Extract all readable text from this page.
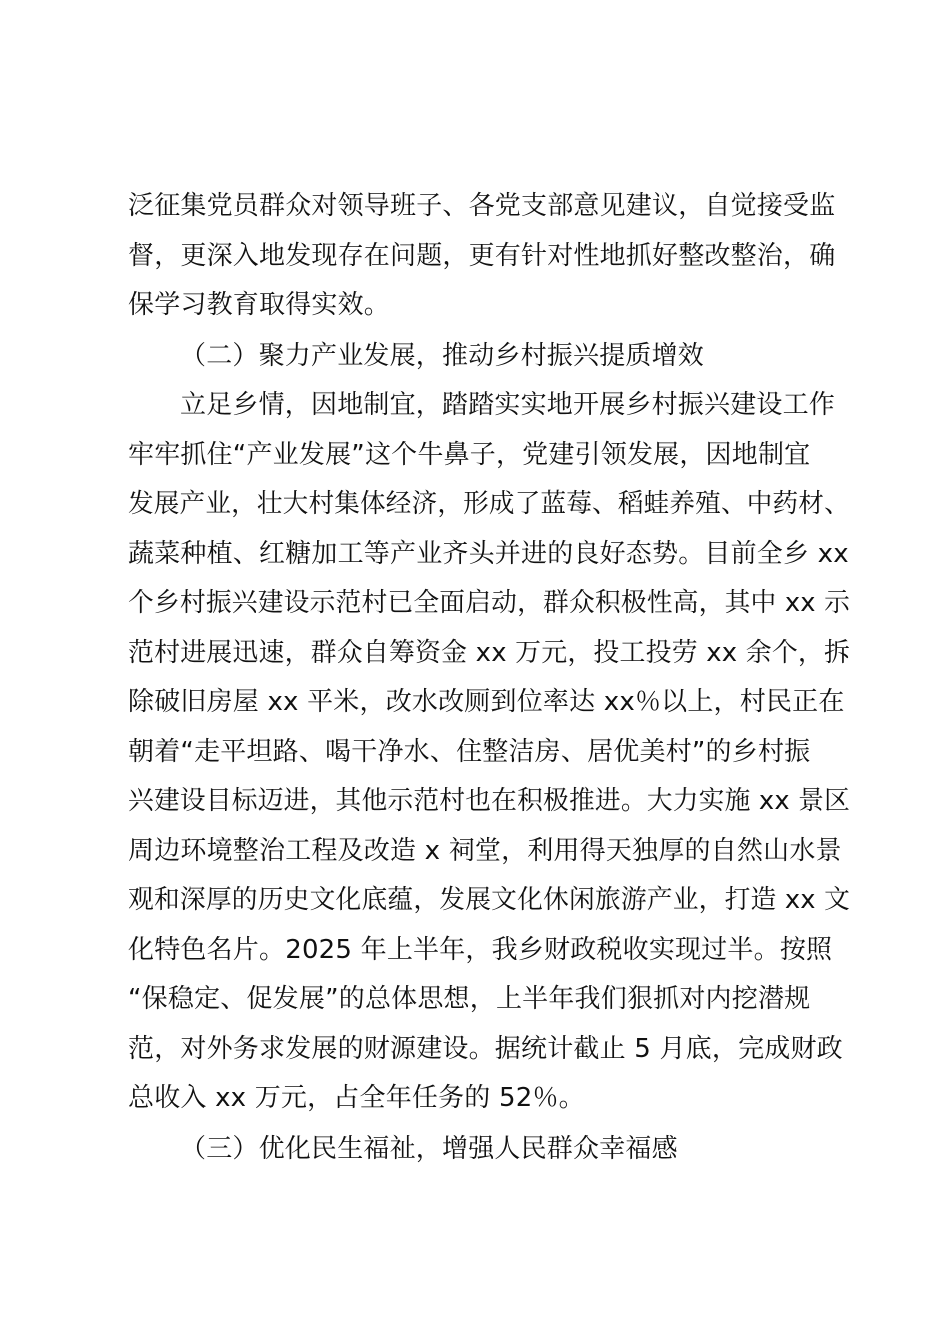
泛征集党员群众对领导班子、各党支部意见建议，自觉接受监
督，更深入地发现存在问题，更有针对性地抓好整改整治，确
保学习教育取得实效。
（二）聚力产业发展，推动乡村振兴提质增效
立足乡情，因地制宜，踏踏实实地开展乡村振兴建设工作
牢牢抓住“产业发展”这个牛鼻子，党建引领发展，因地制宜
发展产业，壮大村集体经济，形成了蓝莓、稻蛙养殖、中药材、
蔬菜种植、红糖加工等产业齐头并进的良好态势。目前全乡 xx
个乡村振兴建设示范村已全面启动，群众积极性高，其中 xx 示
范村进展迅速，群众自筹资金 xx 万元，投工投劳 xx 余个，拆
除破旧房屋 xx 平米，改水改厕到位率达 xx％以上，村民正在
朝着“走平坦路、喝干净水、住整洁房、居优美村”的乡村振
兴建设目标迈进，其他示范村也在积极推进。大力实施 xx 景区
周边环境整治工程及改造 x 祠堂，利用得天独厚的自然山水景
观和深厚的历史文化底蕴，发展文化休闲旅游产业，打造 xx 文
化特色名片。2025 年上半年，我乡财政税收实现过半。按照
“保稳定、促发展”的总体思想，上半年我们狠抓对内挖潜规
范，对外务求发展的财源建设。据统计截止 5 月底，完成财政
总收入 xx 万元，占全年任务的 52％。
（三）优化民生福祉，增强人民群众幸福感
